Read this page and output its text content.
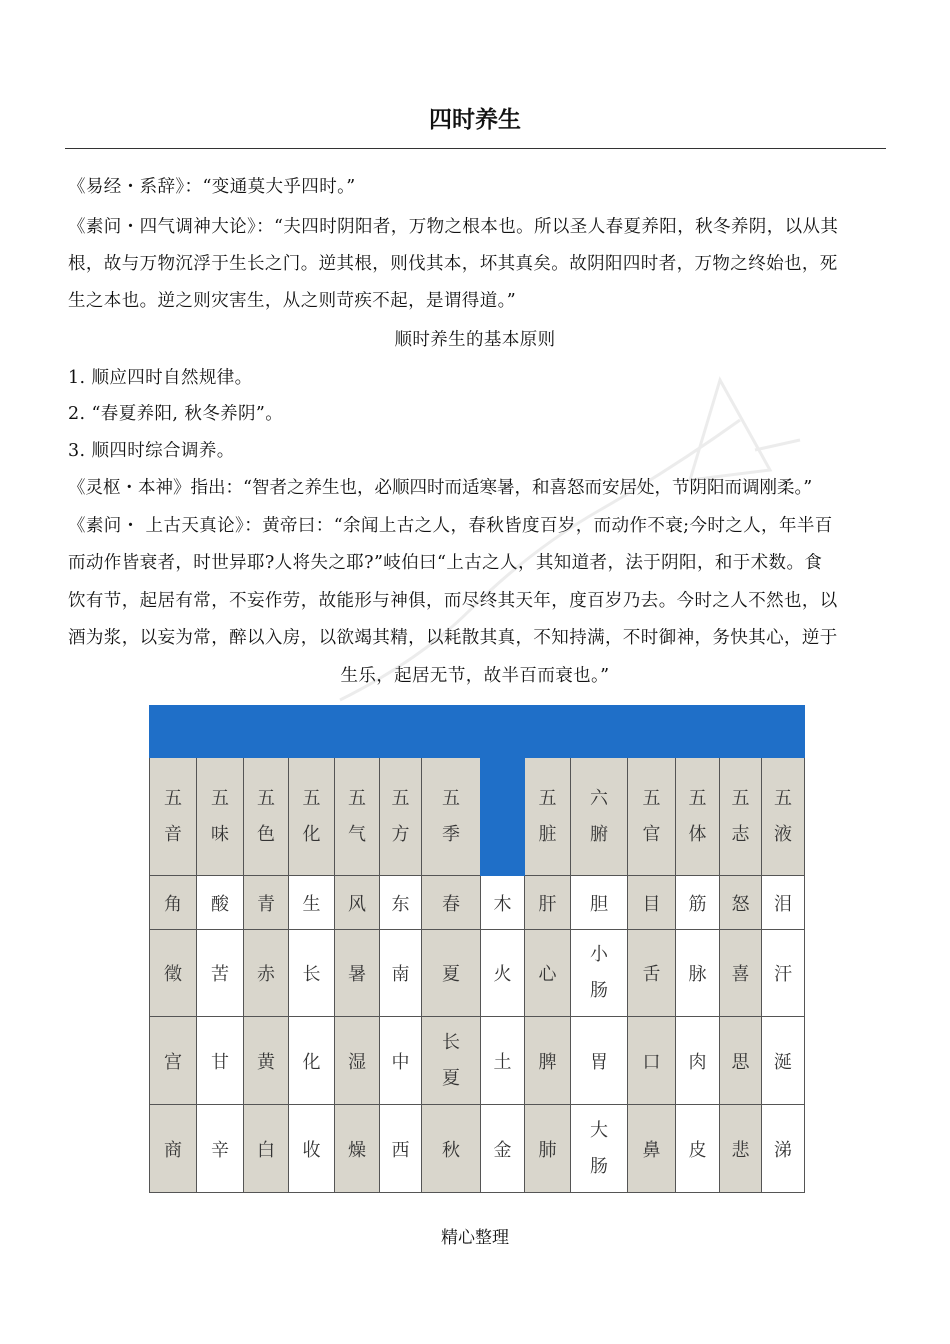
四时养生
《易经・系辞》：“变通莫大乎四时。”
《素问・四气调神大论》：“夫四时阴阳者，万物之根本也。所以圣人春夏养阳，秋冬养阴，以从其
根，故与万物沉浮于生长之门。逆其根，则伐其本，坏其真矣。故阴阳四时者，万物之终始也，死
生之本也。逆之则灾害生，从之则苛疾不起，是谓得道。”
顺时养生的基本原则
1. 顺应四时自然规律。
2. “春夏养阳, 秋冬养阴”。
3. 顺四时综合调养。
《灵枢・本神》指出：“智者之养生也，必顺四时而适寒暑，和喜怒而安居处，节阴阳而调刚柔。”
《素问・ 上古天真论》：黄帝曰：“余闻上古之人，春秋皆度百岁，而动作不衰;今时之人，年半百
而动作皆衰者，时世异耶?人将失之耶?”岐伯曰“上古之人，其知道者，法于阴阳，和于术数。食
饮有节，起居有常，不妄作劳，故能形与神俱，而尽终其天年，度百岁乃去。今时之人不然也，以
酒为浆，以妄为常，醉以入房，以欲竭其精，以耗散其真，不知持满，不时御神，务快其心，逆于
生乐，起居无节，故半百而衰也。”

五音	五味	五色	五化	五气	五方	五季		五脏	六腑	五官	五体	五志	五液
角	酸	青	生	风	东	春	木	肝	胆	目	筋	怒	泪
徵	苦	赤	长	暑	南	夏	火	心	小肠	舌	脉	喜	汗
宫	甘	黄	化	湿	中	长夏	土	脾	胃	口	肉	思	涎
商	辛	白	收	燥	西	秋	金	肺	大肠	鼻	皮	悲	涕
精心整理
